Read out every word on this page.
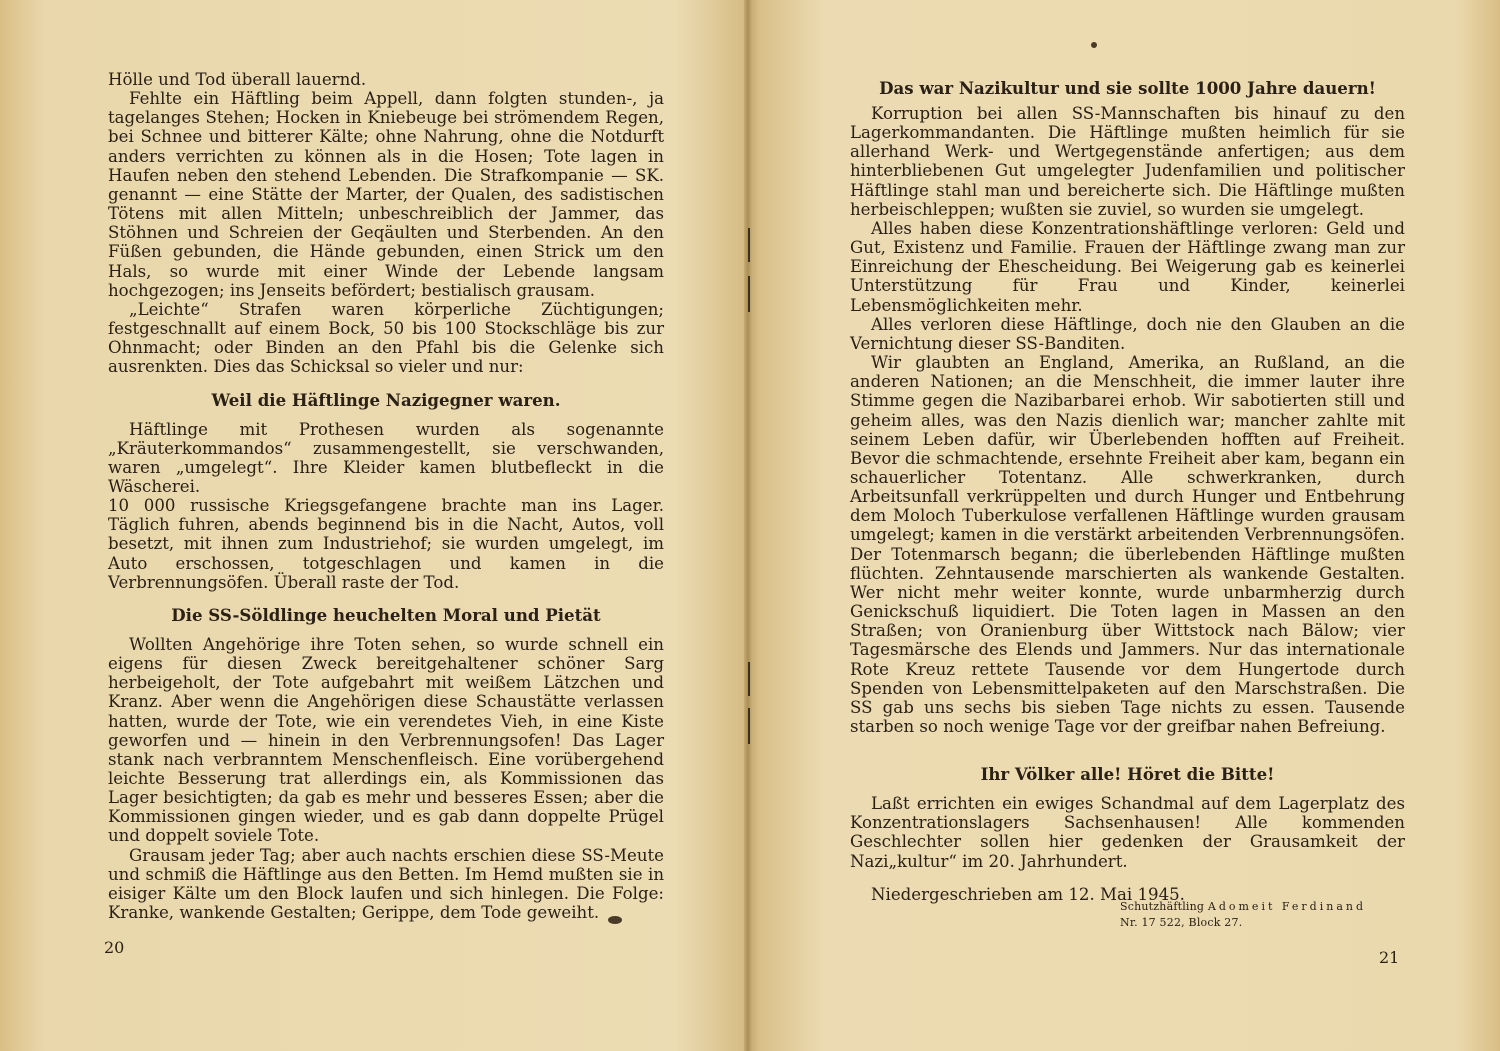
Hölle und Tod überall lauernd.

Fehlte ein Häftling beim Appell, dann folgten stunden-, ja tagelanges Stehen; Hocken in Kniebeuge bei strömendem Regen, bei Schnee und bitterer Kälte; ohne Nahrung, ohne die Notdurft anders verrichten zu können als in die Hosen; Tote lagen in Haufen neben den stehend Lebenden. Die Strafkompanie — SK. genannt — eine Stätte der Marter, der Qualen, des sadistischen Tötens mit allen Mitteln; unbeschreiblich der Jammer, das Stöhnen und Schreien der Geqäulten und Sterbenden. An den Füßen gebunden, die Hände gebunden, einen Strick um den Hals, so wurde mit einer Winde der Lebende langsam hochgezogen; ins Jenseits befördert; bestialisch grausam.

„Leichte“ Strafen waren körperliche Züchtigungen; festgeschnallt auf einem Bock, 50 bis 100 Stockschläge bis zur Ohnmacht; oder Binden an den Pfahl bis die Gelenke sich ausrenkten. Dies das Schicksal so vieler und nur:

Weil die Häftlinge Nazigegner waren.

Häftlinge mit Prothesen wurden als sogenannte „Kräuterkommandos“ zusammengestellt, sie verschwanden, waren „umgelegt“. Ihre Kleider kamen blutbefleckt in die Wäscherei.

10 000 russische Kriegsgefangene brachte man ins Lager. Täglich fuhren, abends beginnend bis in die Nacht, Autos, voll besetzt, mit ihnen zum Industriehof; sie wurden umgelegt, im Auto erschossen, totgeschlagen und kamen in die Verbrennungsöfen. Überall raste der Tod.

Die SS-Söldlinge heuchelten Moral und Pietät

Wollten Angehörige ihre Toten sehen, so wurde schnell ein eigens für diesen Zweck bereitgehaltener schöner Sarg herbeigeholt, der Tote aufgebahrt mit weißem Lätzchen und Kranz. Aber wenn die Angehörigen diese Schaustätte verlassen hatten, wurde der Tote, wie ein verendetes Vieh, in eine Kiste geworfen und — hinein in den Verbrennungsofen! Das Lager stank nach verbranntem Menschenfleisch. Eine vorübergehend leichte Besserung trat allerdings ein, als Kommissionen das Lager besichtigten; da gab es mehr und besseres Essen; aber die Kommissionen gingen wieder, und es gab dann doppelte Prügel und doppelt soviele Tote.

Grausam jeder Tag; aber auch nachts erschien diese SS-Meute und schmiß die Häftlinge aus den Betten. Im Hemd mußten sie in eisiger Kälte um den Block laufen und sich hinlegen. Die Folge: Kranke, wankende Gestalten; Gerippe, dem Tode geweiht.

20
Das war Nazikultur und sie sollte 1000 Jahre dauern!

Korruption bei allen SS-Mannschaften bis hinauf zu den Lagerkommandanten. Die Häftlinge mußten heimlich für sie allerhand Werk- und Wertgegenstände anfertigen; aus dem hinterbliebenen Gut umgelegter Judenfamilien und politischer Häftlinge stahl man und bereicherte sich. Die Häftlinge mußten herbeischleppen; wußten sie zuviel, so wurden sie umgelegt.

Alles haben diese Konzentrationshäftlinge verloren: Geld und Gut, Existenz und Familie. Frauen der Häftlinge zwang man zur Einreichung der Ehescheidung. Bei Weigerung gab es keinerlei Unterstützung für Frau und Kinder, keinerlei Lebensmöglichkeiten mehr.

Alles verloren diese Häftlinge, doch nie den Glauben an die Vernichtung dieser SS-Banditen.

Wir glaubten an England, Amerika, an Rußland, an die anderen Nationen; an die Menschheit, die immer lauter ihre Stimme gegen die Nazibarbarei erhob. Wir sabotierten still und geheim alles, was den Nazis dienlich war; mancher zahlte mit seinem Leben dafür, wir Überlebenden hofften auf Freiheit. Bevor die schmachtende, ersehnte Freiheit aber kam, begann ein schauerlicher Totentanz. Alle schwerkranken, durch Arbeitsunfall verkrüppelten und durch Hunger und Entbehrung dem Moloch Tuberkulose verfallenen Häftlinge wurden grausam umgelegt; kamen in die verstärkt arbeitenden Verbrennungsöfen. Der Totenmarsch begann; die überlebenden Häftlinge mußten flüchten. Zehntausende marschierten als wankende Gestalten. Wer nicht mehr weiter konnte, wurde unbarmherzig durch Genickschuß liquidiert. Die Toten lagen in Massen an den Straßen; von Oranienburg über Wittstock nach Bälow; vier Tagesmärsche des Elends und Jammers. Nur das internationale Rote Kreuz rettete Tausende vor dem Hungertode durch Spenden von Lebensmittelpaketen auf den Marschstraßen. Die SS gab uns sechs bis sieben Tage nichts zu essen. Tausende starben so noch wenige Tage vor der greifbar nahen Befreiung.

Ihr Völker alle! Höret die Bitte!

Laßt errichten ein ewiges Schandmal auf dem Lagerplatz des Konzentrationslagers Sachsenhausen! Alle kommenden Geschlechter sollen hier gedenken der Grausamkeit der Nazi„kultur“ im 20. Jahrhundert.

Niedergeschrieben am 12. Mai 1945.

Schutzhäftling Adomeit Ferdinand
Nr. 17 522, Block 27.
21
